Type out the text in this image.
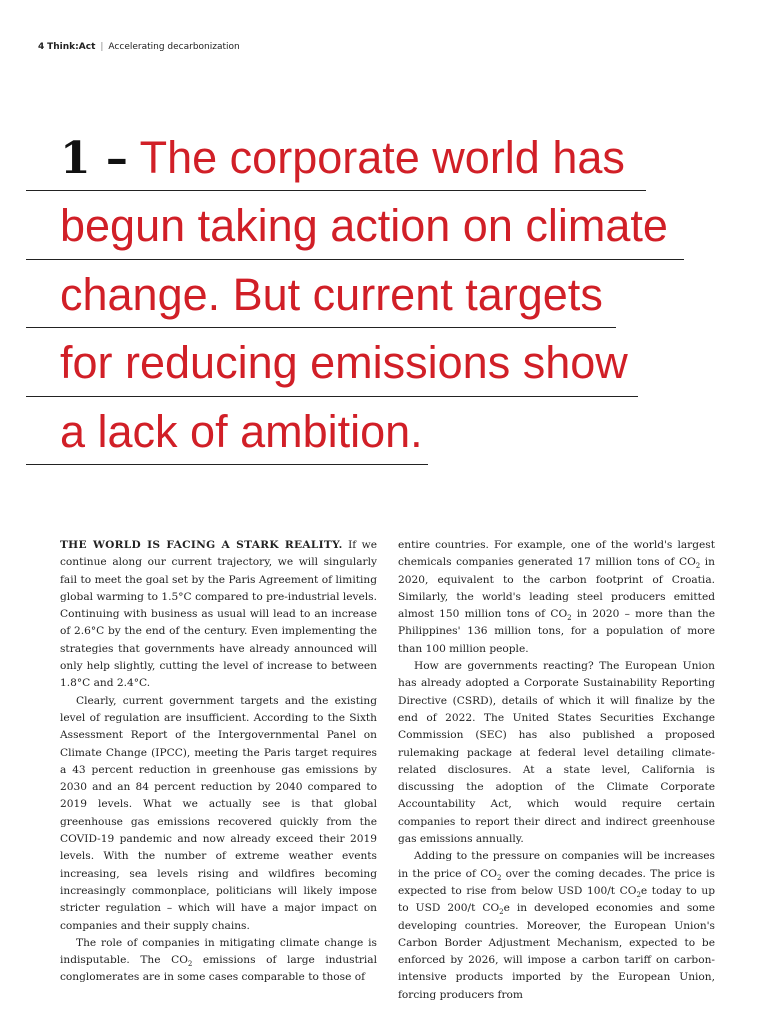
4 Think:Act | Accelerating decarbonization
1 – The corporate world has
begun taking action on climate
change. But current targets
for reducing emissions show
a lack of ambition.

THE WORLD IS FACING A STARK REALITY. If we continue along our current trajectory, we will singularly fail to meet the goal set by the Paris Agreement of limiting global warming to 1.5°C compared to pre-industrial levels. Continuing with business as usual will lead to an increase of 2.6°C by the end of the century. Even implementing the strategies that governments have already announced will only help slightly, cutting the level of increase to between 1.8°C and 2.4°C.

Clearly, current government targets and the existing level of regulation are insufficient. According to the Sixth Assessment Report of the Intergovernmental Panel on Climate Change (IPCC), meeting the Paris target requires a 43 percent reduction in greenhouse gas emissions by 2030 and an 84 percent reduction by 2040 compared to 2019 levels. What we actually see is that global greenhouse gas emissions recovered quickly from the COVID-19 pandemic and now already exceed their 2019 levels. With the number of extreme weather events increasing, sea levels rising and wildfires becoming increasingly commonplace, politicians will likely impose stricter regulation – which will have a major impact on companies and their supply chains.

The role of companies in mitigating climate change is indisputable. The $CO_2$ emissions of large industrial conglomerates are in some cases comparable to those of

entire countries. For example, one of the world's largest chemicals companies generated 17 million tons of $CO_2$ in 2020, equivalent to the carbon footprint of Croatia. Similarly, the world's leading steel producers emitted almost 150 million tons of $CO_2$ in 2020 – more than the Philippines' 136 million tons, for a population of more than 100 million people.

How are governments reacting? The European Union has already adopted a Corporate Sustainability Reporting Directive (CSRD), details of which it will finalize by the end of 2022. The United States Securities Exchange Commission (SEC) has also published a proposed rulemaking package at federal level detailing climate-related disclosures. At a state level, California is discussing the adoption of the Climate Corporate Accountability Act, which would require certain companies to report their direct and indirect greenhouse gas emissions annually.

Adding to the pressure on companies will be increases in the price of $CO_2$ over the coming decades. The price is expected to rise from below USD 100/t $CO_2e$ today to up to USD 200/t $CO_2e$ in developed economies and some developing countries. Moreover, the European Union's Carbon Border Adjustment Mechanism, expected to be enforced by 2026, will impose a carbon tariff on carbon-intensive products imported by the European Union, forcing producers from
